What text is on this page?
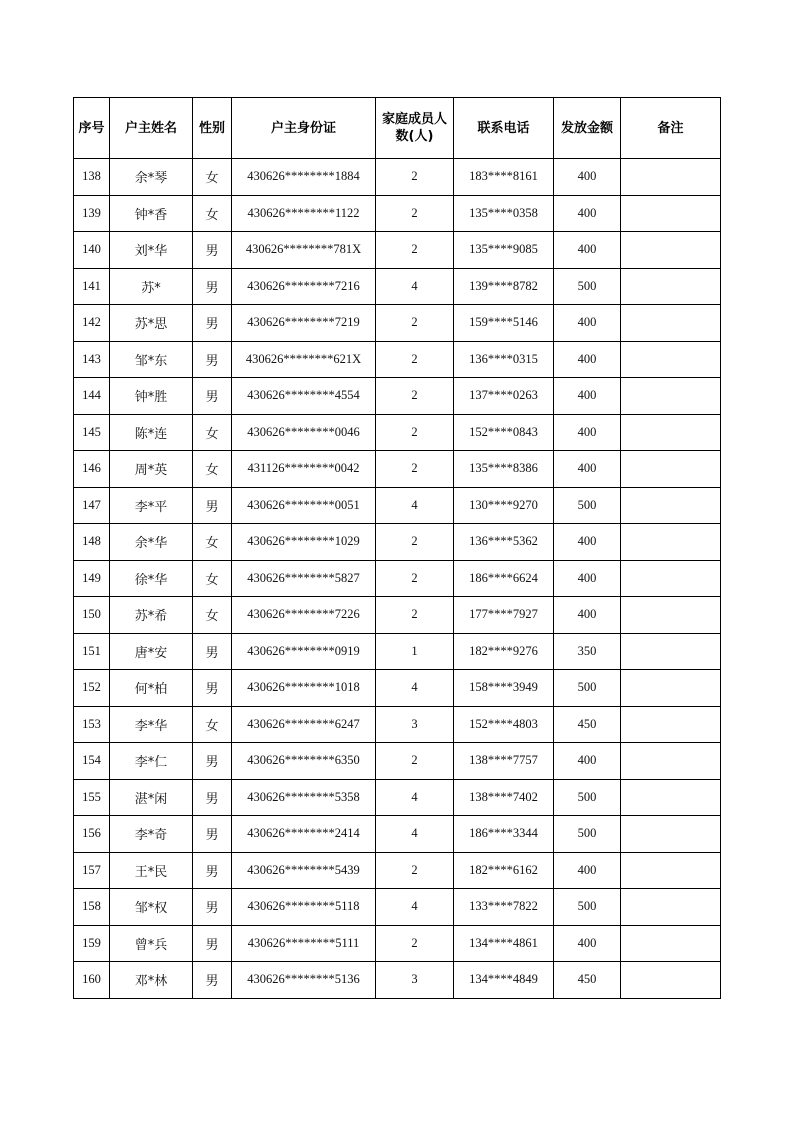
序号	户主姓名	性别	户主身份证	家庭成员人数(人)	联系电话	发放金额	备注
138	余*琴	女	430626********1884	2	183****8161	400	
139	钟*香	女	430626********1122	2	135****0358	400	
140	刘*华	男	430626********781X	2	135****9085	400	
141	苏*	男	430626********7216	4	139****8782	500	
142	苏*思	男	430626********7219	2	159****5146	400	
143	邹*东	男	430626********621X	2	136****0315	400	
144	钟*胜	男	430626********4554	2	137****0263	400	
145	陈*连	女	430626********0046	2	152****0843	400	
146	周*英	女	431126********0042	2	135****8386	400	
147	李*平	男	430626********0051	4	130****9270	500	
148	余*华	女	430626********1029	2	136****5362	400	
149	徐*华	女	430626********5827	2	186****6624	400	
150	苏*希	女	430626********7226	2	177****7927	400	
151	唐*安	男	430626********0919	1	182****9276	350	
152	何*柏	男	430626********1018	4	158****3949	500	
153	李*华	女	430626********6247	3	152****4803	450	
154	李*仁	男	430626********6350	2	138****7757	400	
155	湛*闲	男	430626********5358	4	138****7402	500	
156	李*奇	男	430626********2414	4	186****3344	500	
157	王*民	男	430626********5439	2	182****6162	400	
158	邹*权	男	430626********5118	4	133****7822	500	
159	曾*兵	男	430626********5111	2	134****4861	400	
160	邓*林	男	430626********5136	3	134****4849	450	
